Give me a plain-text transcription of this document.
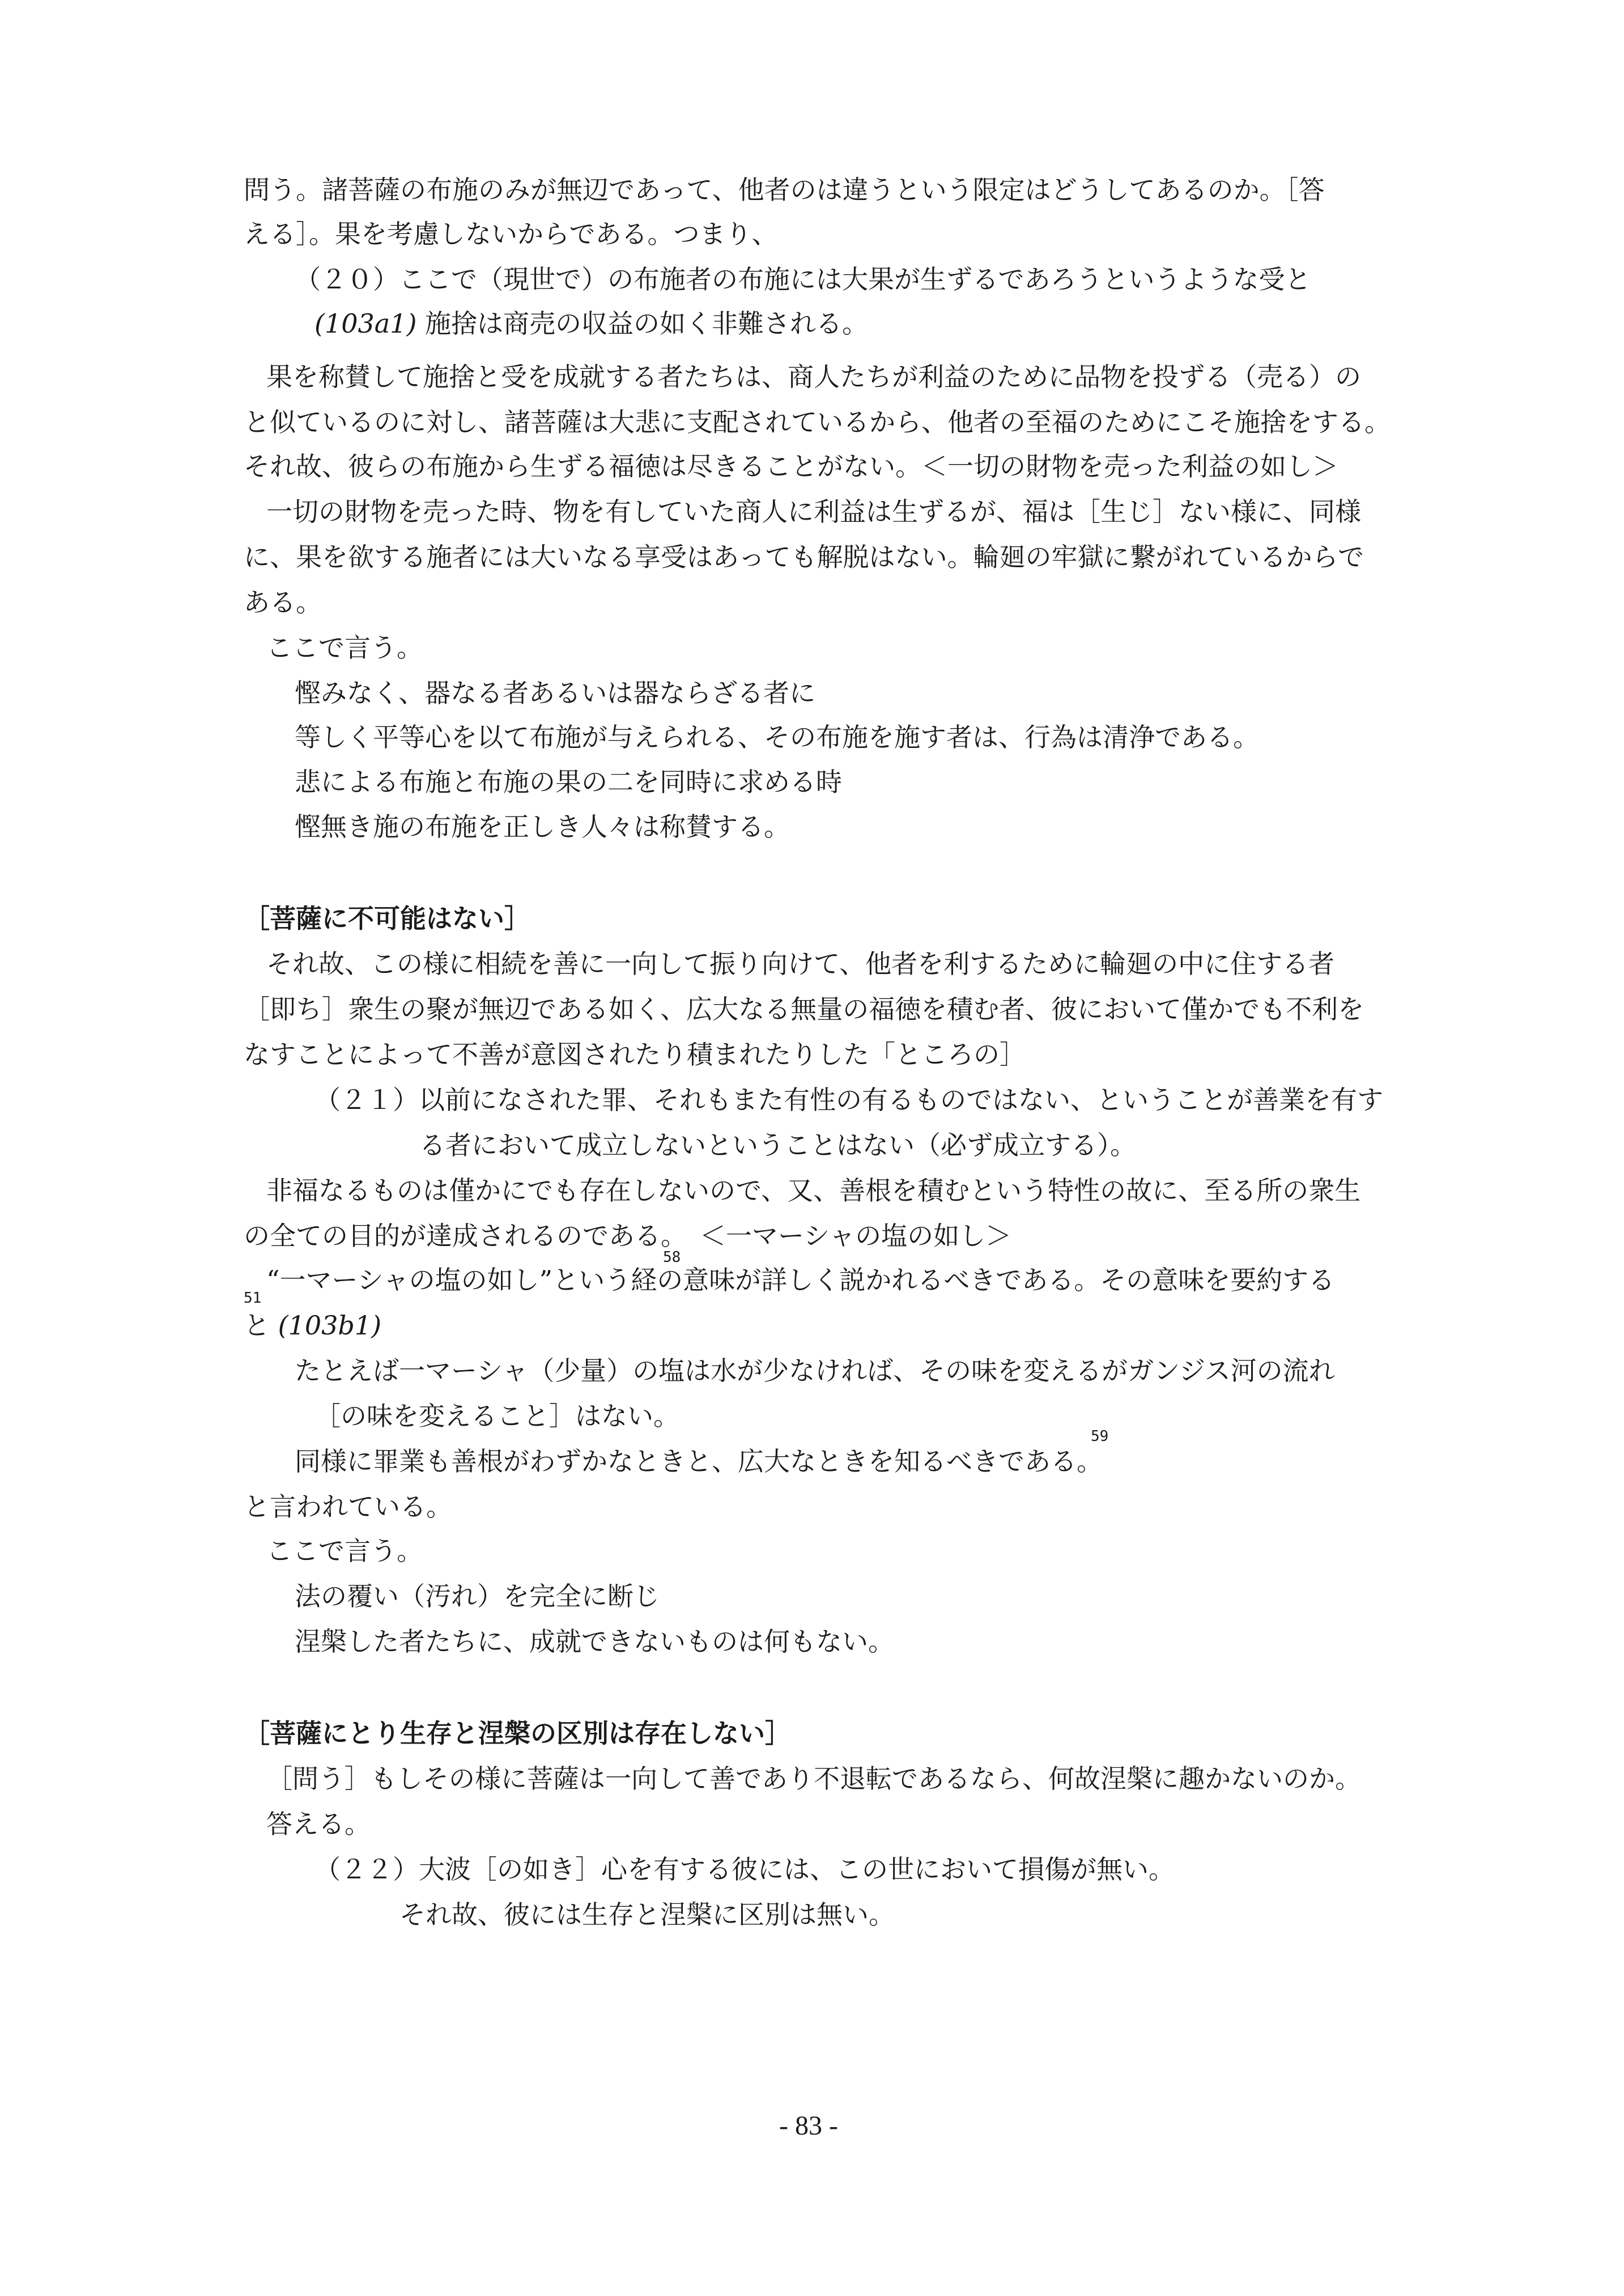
問う。諸菩薩の布施のみが無辺であって、他者のは違うという限定はどうしてあるのか。［答
える］。果を考慮しないからである。つまり、
（２０）ここで（現世で）の布施者の布施には大果が生ずるであろうというような受と
(103a1) 施捨は商売の収益の如く非難される。
果を称賛して施捨と受を成就する者たちは、商人たちが利益のために品物を投ずる（売る）の
と似ているのに対し、諸菩薩は大悲に支配されているから、他者の至福のためにこそ施捨をする。
それ故、彼らの布施から生ずる福徳は尽きることがない。＜一切の財物を売った利益の如し＞
一切の財物を売った時、物を有していた商人に利益は生ずるが、福は［生じ］ない様に、同様
に、果を欲する施者には大いなる享受はあっても解脱はない。輪廻の牢獄に繋がれているからで
ある。
ここで言う。
慳みなく、器なる者あるいは器ならざる者に
等しく平等心を以て布施が与えられる、その布施を施す者は、行為は清浄である。
悲による布施と布施の果の二を同時に求める時
慳無き施の布施を正しき人々は称賛する。
［菩薩に不可能はない］
それ故、この様に相続を善に一向して振り向けて、他者を利するために輪廻の中に住する者
［即ち］衆生の聚が無辺である如く、広大なる無量の福徳を積む者、彼において僅かでも不利を
なすことによって不善が意図されたり積まれたりした「ところの］
（２１）以前になされた罪、それもまた有性の有るものではない、ということが善業を有す
る者において成立しないということはない（必ず成立する）。
非福なるものは僅かにでも存在しないので、又、善根を積むという特性の故に、至る所の衆生
の全ての目的が達成されるのである。　＜一マーシャの塩の如し＞
58
“一マーシャの塩の如し”という経の意味が詳しく説かれるべきである。その意味を要約する
51
と (103b1)
たとえば一マーシャ（少量）の塩は水が少なければ、その味を変えるがガンジス河の流れ
［の味を変えること］はない。
59
同様に罪業も善根がわずかなときと、広大なときを知るべきである。
と言われている。
ここで言う。
法の覆い（汚れ）を完全に断じ
涅槃した者たちに、成就できないものは何もない。
［菩薩にとり生存と涅槃の区別は存在しない］
［問う］もしその様に菩薩は一向して善であり不退転であるなら、何故涅槃に趣かないのか。
答える。
（２２）大波［の如き］心を有する彼には、この世において損傷が無い。
それ故、彼には生存と涅槃に区別は無い。
- 83 -
